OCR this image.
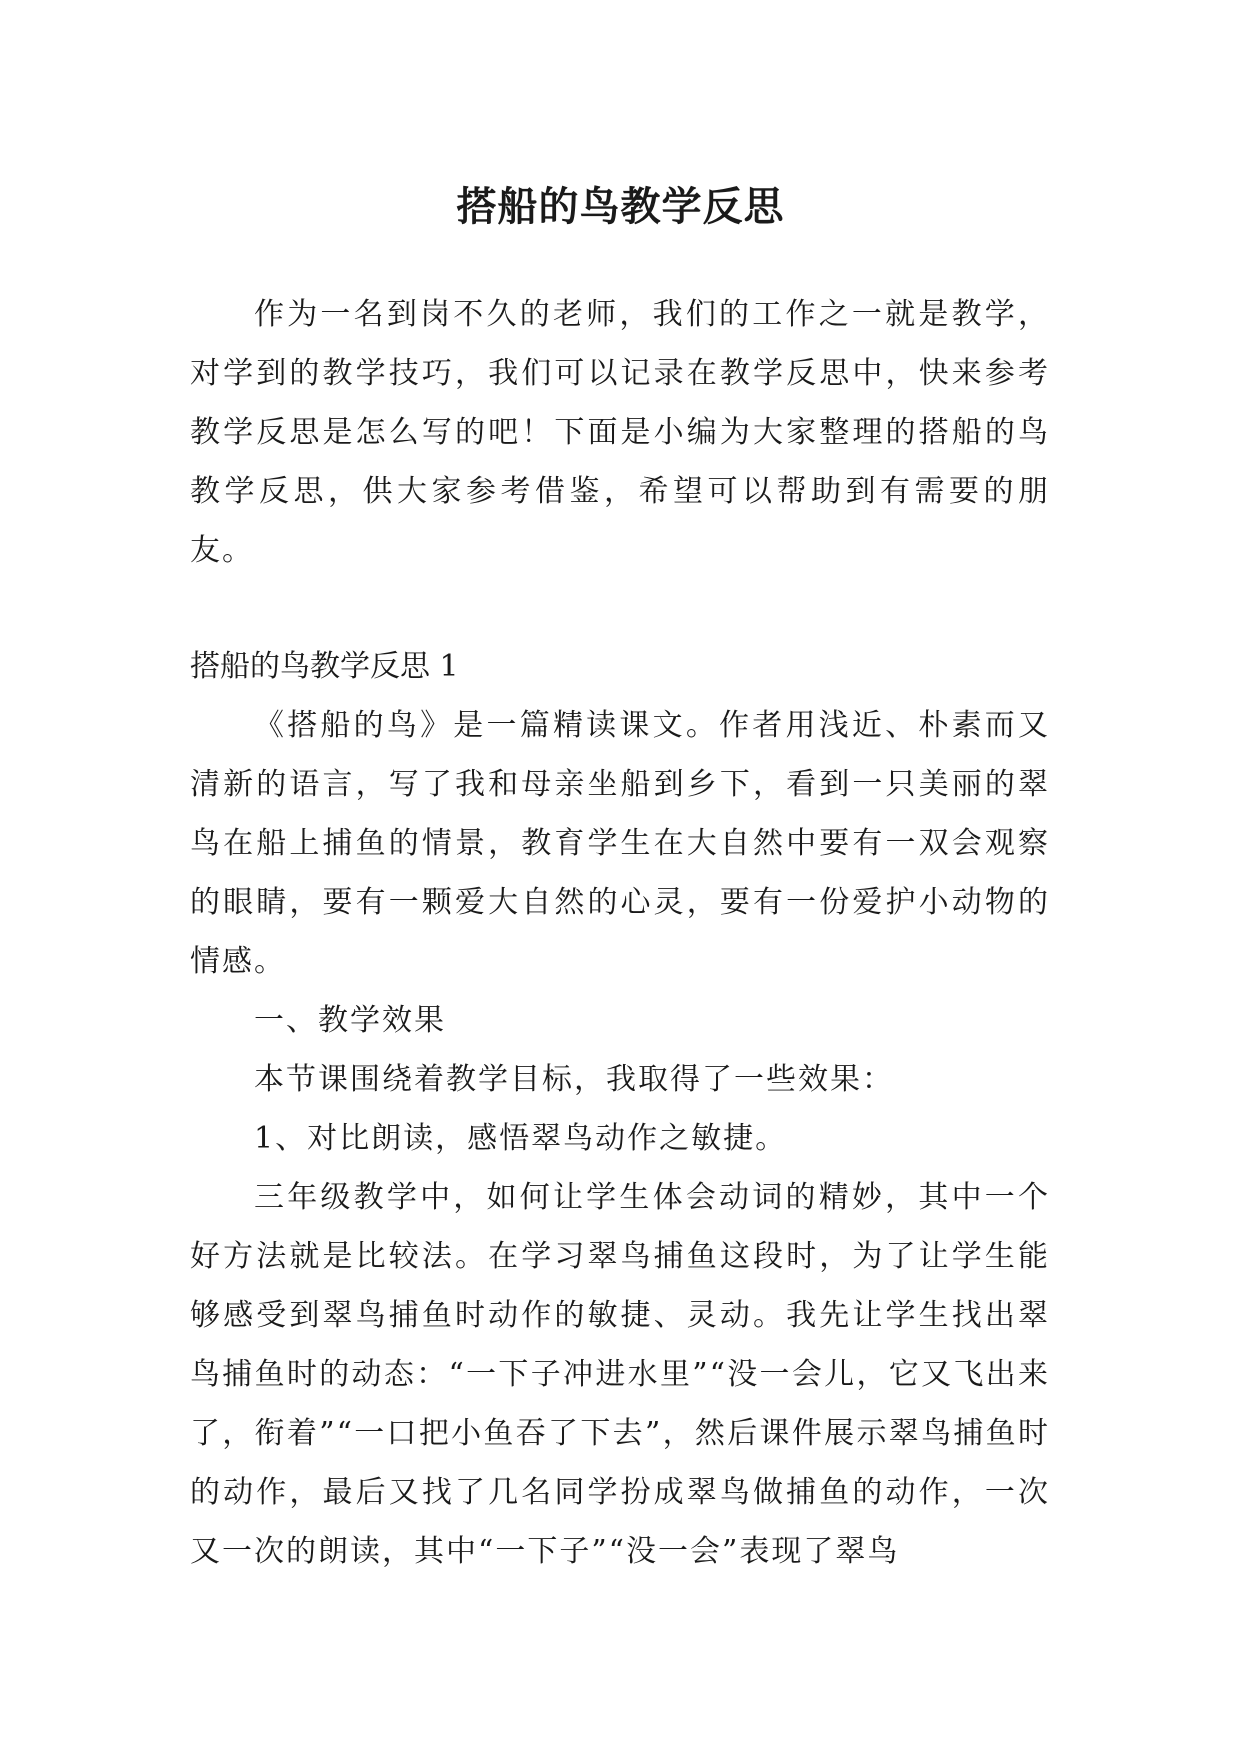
搭船的鸟教学反思

作为一名到岗不久的老师，我们的工作之一就是教学，对学到的教学技巧，我们可以记录在教学反思中，快来参考教学反思是怎么写的吧！下面是小编为大家整理的搭船的鸟教学反思，供大家参考借鉴，希望可以帮助到有需要的朋友。

搭船的鸟教学反思 1

《搭船的鸟》是一篇精读课文。作者用浅近、朴素而又清新的语言，写了我和母亲坐船到乡下，看到一只美丽的翠鸟在船上捕鱼的情景，教育学生在大自然中要有一双会观察的眼睛，要有一颗爱大自然的心灵，要有一份爱护小动物的情感。

一、教学效果

本节课围绕着教学目标，我取得了一些效果：

1、对比朗读，感悟翠鸟动作之敏捷。

三年级教学中，如何让学生体会动词的精妙，其中一个好方法就是比较法。在学习翠鸟捕鱼这段时，为了让学生能够感受到翠鸟捕鱼时动作的敏捷、灵动。我先让学生找出翠鸟捕鱼时的动态：“一下子冲进水里”“没一会儿，它又飞出来了，衔着”“一口把小鱼吞了下去”，然后课件展示翠鸟捕鱼时的动作，最后又找了几名同学扮成翠鸟做捕鱼的动作，一次又一次的朗读，其中“一下子”“没一会”表现了翠鸟
